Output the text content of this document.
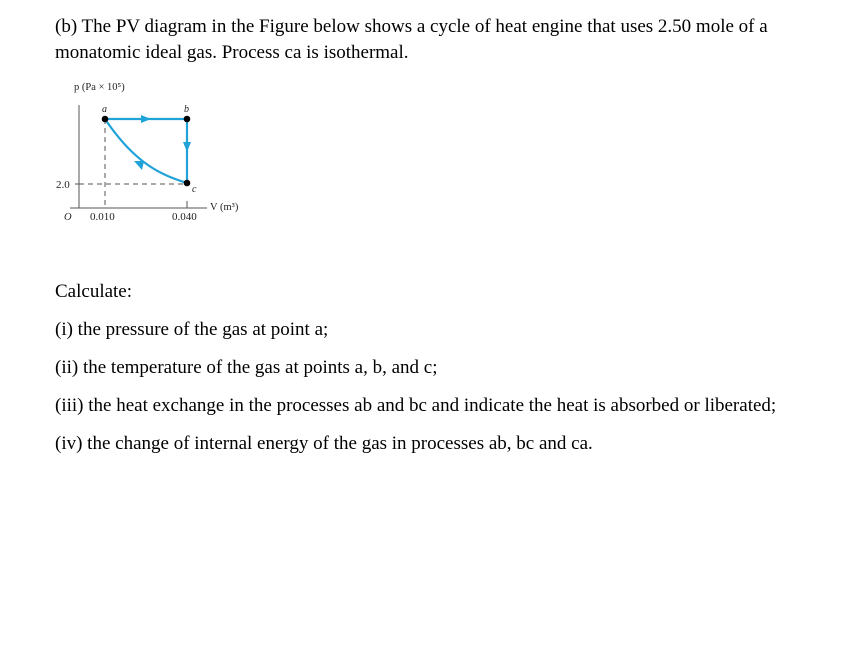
(b) The PV diagram in the Figure below shows a cycle of heat engine that uses 2.50 mole of a monatomic ideal gas. Process ca is isothermal.

p (Pa × 10⁵)
V (m³)
O
2.0
0.010	0.040
a	b
c

Calculate:

(i) the pressure of the gas at point a;

(ii) the temperature of the gas at points a, b, and c;

(iii) the heat exchange in the processes ab and bc and indicate the heat is absorbed or liberated;

(iv) the change of internal energy of the gas in processes ab, bc and ca.
